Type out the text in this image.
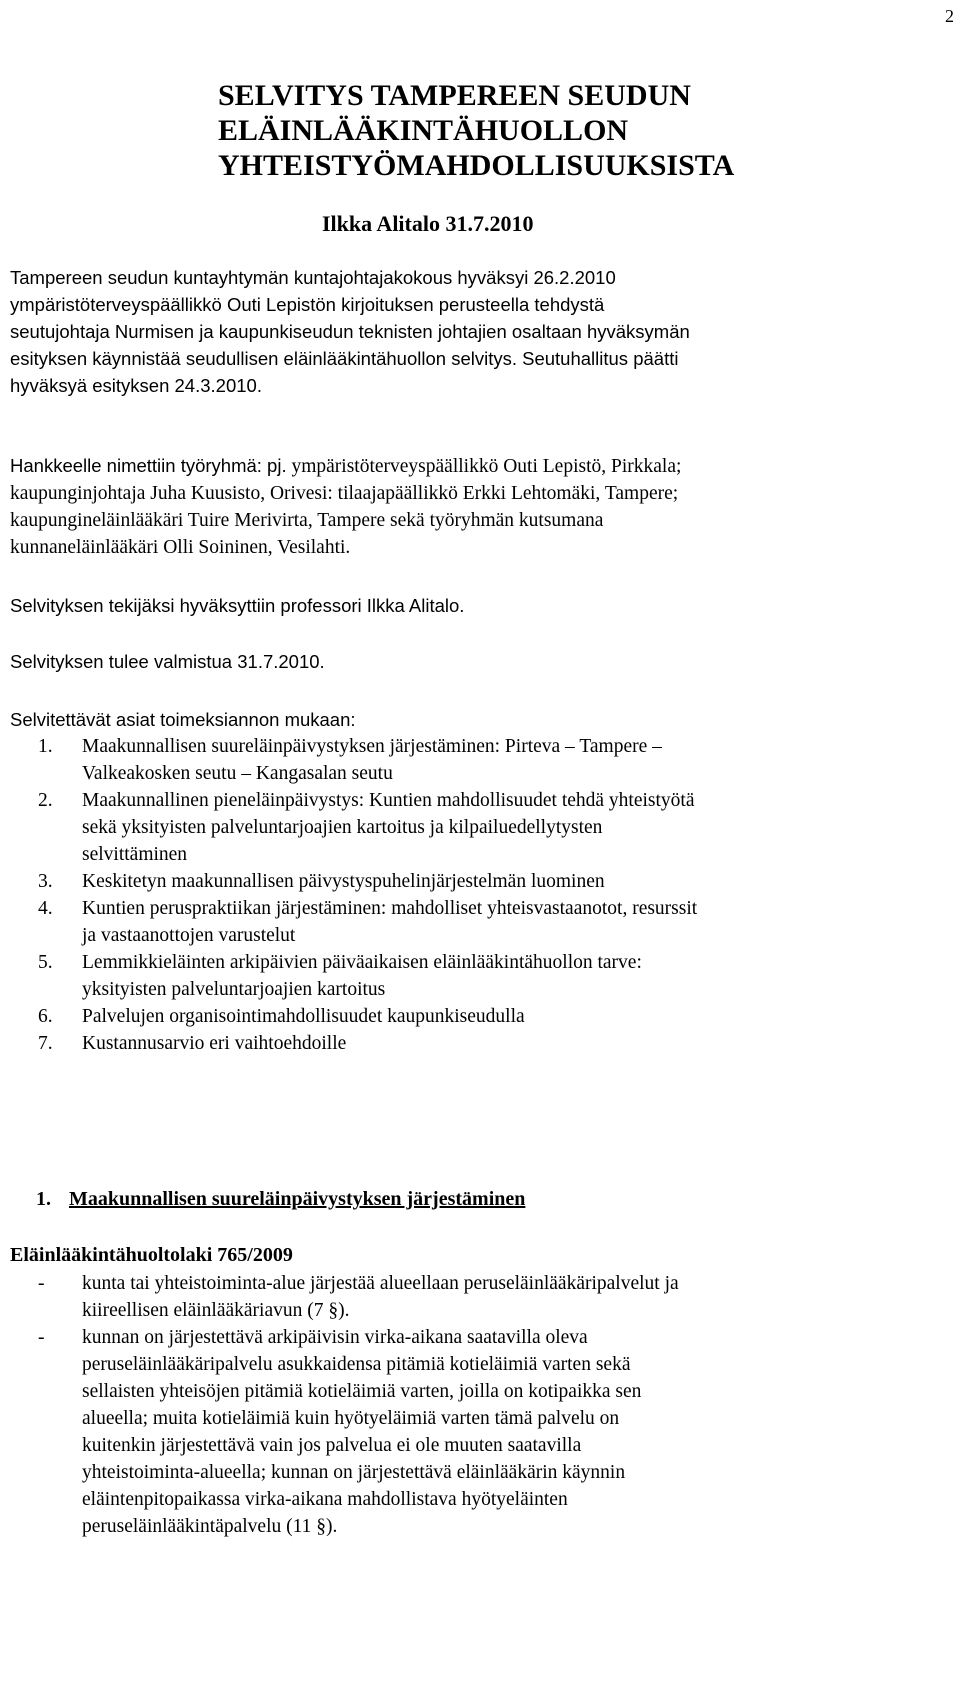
2
SELVITYS TAMPEREEN SEUDUN
ELÄINLÄÄKINTÄHUOLLON
YHTEISTYÖMAHDOLLISUUKSISTA
Ilkka Alitalo 31.7.2010
Tampereen seudun kuntayhtymän kuntajohtajakokous hyväksyi 26.2.2010
ympäristöterveyspäällikkö Outi Lepistön kirjoituksen perusteella tehdystä
seutujohtaja Nurmisen ja kaupunkiseudun teknisten johtajien osaltaan hyväksymän
esityksen käynnistää seudullisen eläinlääkintähuollon selvitys. Seutuhallitus päätti
hyväksyä esityksen 24.3.2010.
Hankkeelle nimettiin työryhmä: pj. ympäristöterveyspäällikkö Outi Lepistö, Pirkkala;
kaupunginjohtaja Juha Kuusisto, Orivesi: tilaajapäällikkö Erkki Lehtomäki, Tampere;
kaupungineläinlääkäri Tuire Merivirta, Tampere sekä työryhmän kutsumana
kunnaneläinlääkäri Olli Soininen, Vesilahti.
Selvityksen tekijäksi hyväksyttiin professori Ilkka Alitalo.
Selvityksen tulee valmistua 31.7.2010.
Selvitettävät asiat toimeksiannon mukaan:
1. Maakunnallisen suureläinpäivystyksen järjestäminen: Pirteva – Tampere –
Valkeakosken seutu – Kangasalan seutu
2. Maakunnallinen pieneläinpäivystys: Kuntien mahdollisuudet tehdä yhteistyötä
sekä yksityisten palveluntarjoajien kartoitus ja kilpailuedellytysten
selvittäminen
3. Keskitetyn maakunnallisen päivystyspuhelinjärjestelmän luominen
4. Kuntien peruspraktiikan järjestäminen: mahdolliset yhteisvastaanotot, resurssit
ja vastaanottojen varustelut
5. Lemmikkieläinten arkipäivien päiväaikaisen eläinlääkintähuollon tarve:
yksityisten palveluntarjoajien kartoitus
6. Palvelujen organisointimahdollisuudet kaupunkiseudulla
7. Kustannusarvio eri vaihtoehdoille
1. Maakunnallisen suureläinpäivystyksen järjestäminen
Eläinlääkintähuoltolaki 765/2009
- kunta tai yhteistoiminta-alue järjestää alueellaan peruseläinlääkäripalvelut ja
kiireellisen eläinlääkäriavun (7 §).
- kunnan on järjestettävä arkipäivisin virka-aikana saatavilla oleva
peruseläinlääkäripalvelu asukkaidensa pitämiä kotieläimiä varten sekä
sellaisten yhteisöjen pitämiä kotieläimiä varten, joilla on kotipaikka sen
alueella; muita kotieläimiä kuin hyötyeläimiä varten tämä palvelu on
kuitenkin järjestettävä vain jos palvelua ei ole muuten saatavilla
yhteistoiminta-alueella; kunnan on järjestettävä eläinlääkärin käynnin
eläintenpitopaikassa virka-aikana mahdollistava hyötyeläinten
peruseläinlääkintäpalvelu (11 §).
